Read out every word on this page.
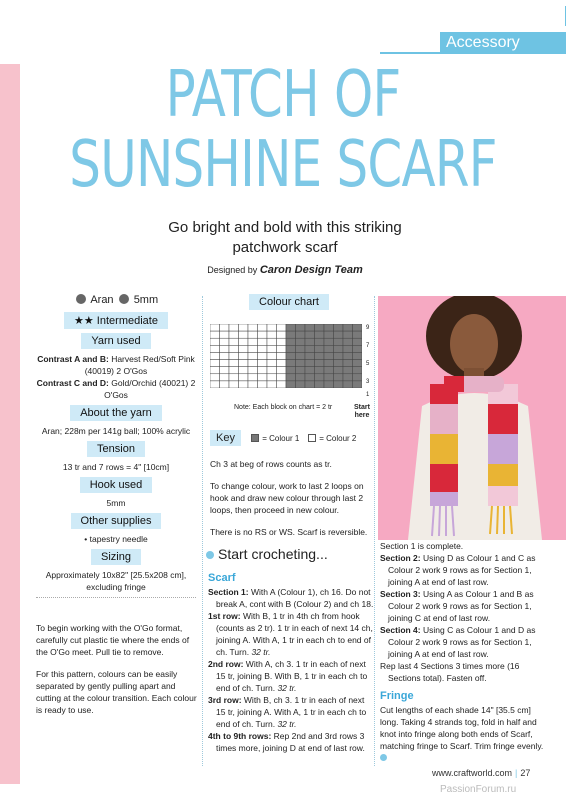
Accessory
PATCH OF
SUNSHINE SCARF
Go bright and bold with this striking patchwork scarf
Designed by Caron Design Team
Aran 5mm
★★ Intermediate
Yarn used
Contrast A and B: Harvest Red/Soft Pink (40019) 2 O'Gos
Contrast C and D: Gold/Orchid (40021) 2 O'Gos
About the yarn
Aran; 228m per 141g ball; 100% acrylic
Tension
13 tr and 7 rows = 4" [10cm]
Hook used
5mm
Other supplies
• tapestry needle
Sizing
Approximately 10x82" [25.5x208 cm], excluding fringe

To begin working with the O'Go format, carefully cut plastic tie where the ends of the O'Go meet. Pull tie to remove.

For this pattern, colours can be easily separated by gently pulling apart and cutting at the colour transition. Each colour is ready to use.

Colour chart
9
7
5
3
1
Note: Each block on chart = 2 tr	Start here
Key	= Colour 1 = Colour 2

Ch 3 at beg of rows counts as tr.

To change colour, work to last 2 loops on hook and draw new colour through last 2 loops, then proceed in new colour.

There is no RS or WS. Scarf is reversible.

Start crocheting...
Scarf

Section 1: With A (Colour 1), ch 16. Do not break A, cont with B (Colour 2) and ch 18.

1st row: With B, 1 tr in 4th ch from hook (counts as 2 tr). 1 tr in each of next 14 ch, joining A. With A, 1 tr in each ch to end of ch. Turn. 32 tr.

2nd row: With A, ch 3. 1 tr in each of next 15 tr, joining B. With B, 1 tr in each ch to end of ch. Turn. 32 tr.

3rd row: With B, ch 3. 1 tr in each of next 15 tr, joining A. With A, 1 tr in each ch to end of ch. Turn. 32 tr.

4th to 9th rows: Rep 2nd and 3rd rows 3 times more, joining D at end of last row.

Section 1 is complete.

Section 2: Using D as Colour 1 and C as Colour 2 work 9 rows as for Section 1, joining A at end of last row.

Section 3: Using A as Colour 1 and B as Colour 2 work 9 rows as for Section 1, joining C at end of last row.

Section 4: Using C as Colour 1 and D as Colour 2 work 9 rows as for Section 1, joining A at end of last row.

Rep last 4 Sections 3 times more (16 Sections total). Fasten off.

Fringe

Cut lengths of each shade 14" [35.5 cm] long. Taking 4 strands tog, fold in half and knot into fringe along both ends of Scarf, matching fringe to Scarf. Trim fringe evenly.

www.craftworld.com | 27
PassionForum.ru
